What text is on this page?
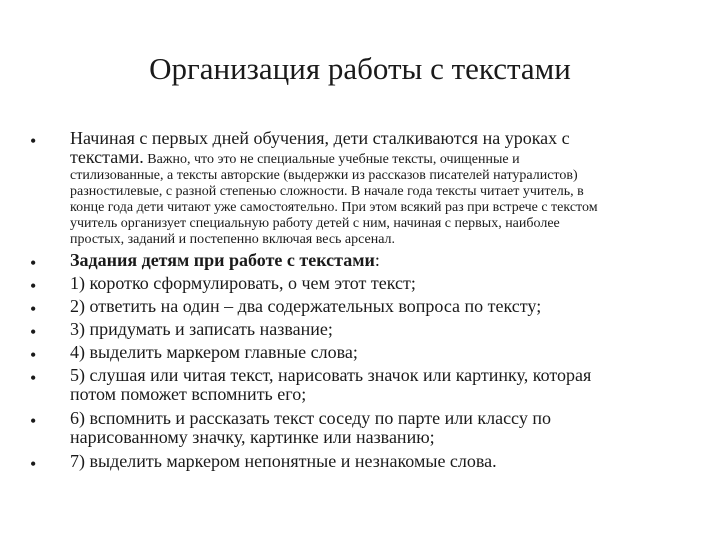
Организация работы с текстами
• Начиная с первых дней обучения, дети сталкиваются на уроках с
текстами. Важно, что это не специальные учебные тексты, очищенные и
стилизованные, а тексты авторские (выдержки из рассказов писателей натуралистов)
разностилевые, с разной степенью сложности. В начале года тексты читает учитель, в
конце года дети читают уже самостоятельно. При этом всякий раз при встрече с текстом
учитель организует специальную работу детей с ним, начиная с первых, наиболее
простых, заданий и постепенно включая весь арсенал.
• Задания детям при работе с текстами:
• 1) коротко сформулировать, о чем этот текст;
• 2) ответить на один – два содержательных вопроса по тексту;
• 3) придумать и записать название;
• 4) выделить маркером главные слова;
• 5) слушая или читая текст, нарисовать значок или картинку, которая
потом поможет вспомнить его;
• 6) вспомнить и рассказать текст соседу по парте или классу по
нарисованному значку, картинке или названию;
• 7) выделить маркером непонятные и незнакомые слова.
